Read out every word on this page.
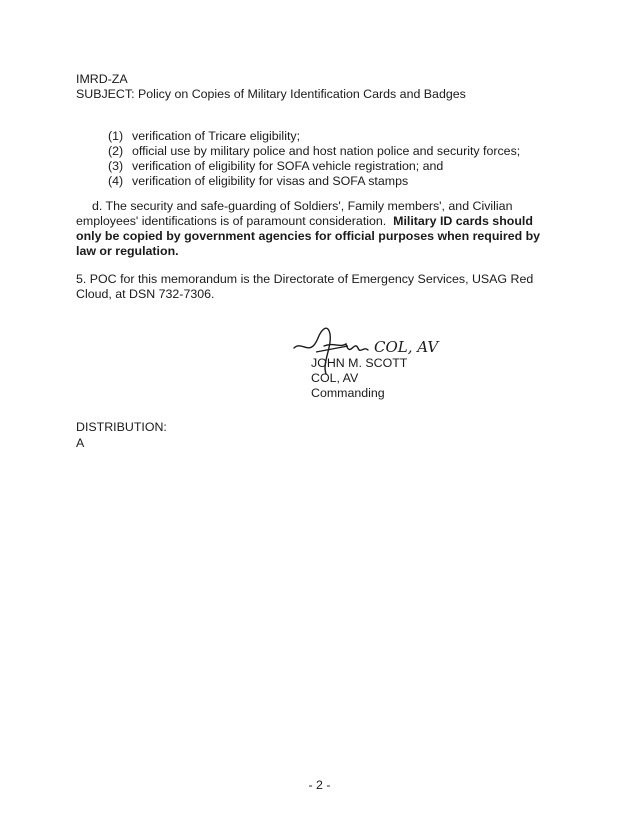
IMRD-ZA
SUBJECT: Policy on Copies of Military Identification Cards and Badges
(1) verification of Tricare eligibility;
(2) official use by military police and host nation police and security forces;
(3) verification of eligibility for SOFA vehicle registration; and
(4) verification of eligibility for visas and SOFA stamps
d. The security and safe-guarding of Soldiers', Family members', and Civilian
employees' identifications is of paramount consideration. Military ID cards should
only be copied by government agencies for official purposes when required by
law or regulation.
5. POC for this memorandum is the Directorate of Emergency Services, USAG Red
Cloud, at DSN 732-7306.
COL, AV
JOHN M. SCOTT
COL, AV
Commanding
DISTRIBUTION:
A
- 2 -
